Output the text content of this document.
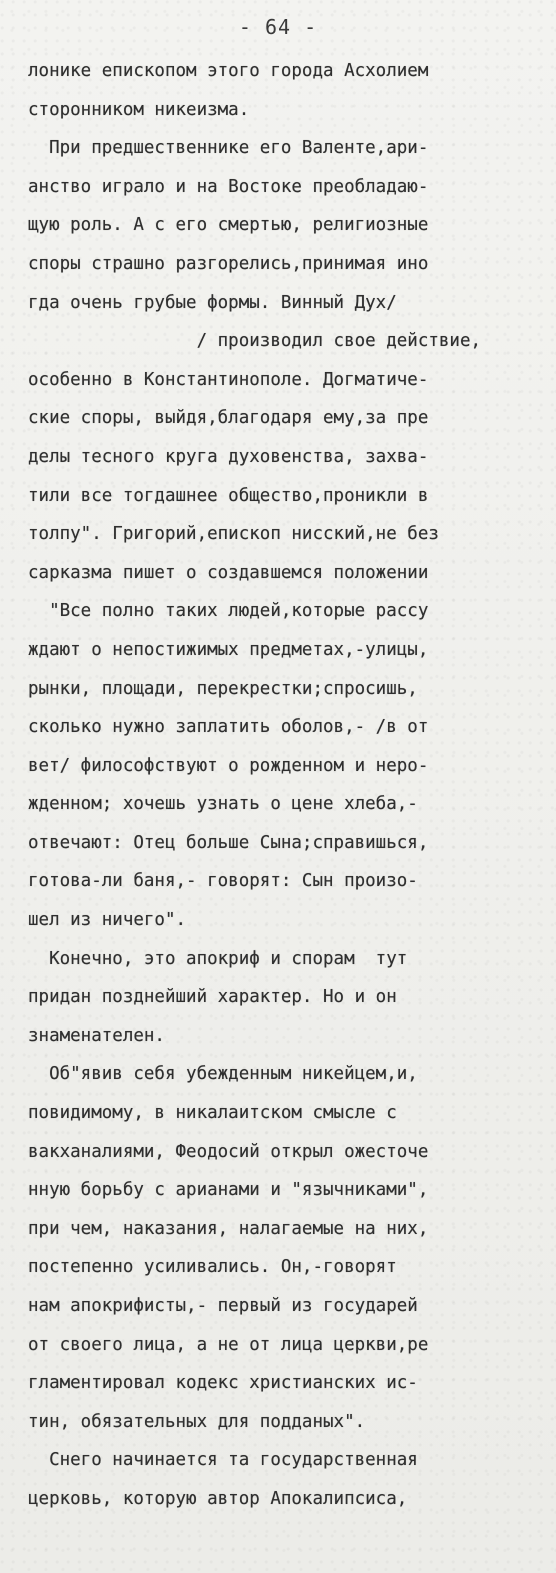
- 64 -
лонике епископом этого города Асхолием
сторонником никеизма.
При предшественнике его Валенте,ари-
анство играло и на Востоке преобладаю-
щую роль. А с его смертью, религиозные
споры страшно разгорелись,принимая ино
гда очень грубые формы. Винный Дух/
/ производил свое действие,
особенно в Константинополе. Догматиче-
ские споры, выйдя,благодаря ему,за пре
делы тесного круга духовенства, захва-
тили все тогдашнее общество,проникли в
толпу". Григорий,епископ нисский,не без
сарказма пишет о создавшемся положении
"Все полно таких людей,которые рассу
ждают о непостижимых предметах,-улицы,
рынки, площади, перекрестки;спросишь,
сколько нужно заплатить оболов,- /в от
вет/ философствуют о рожденном и неро-
жденном; хочешь узнать о цене хлеба,-
отвечают: Отец больше Сына;справишься,
готова-ли баня,- говорят: Сын произо-
шел из ничего".
Конечно, это апокриф и спорам  тут
придан позднейший характер. Но и он
знаменателен.
Об"явив себя убежденным никейцем,и,
повидимому, в никалаитском смысле с
вакханалиями, Феодосий открыл ожесточе
нную борьбу с арианами и "язычниками",
при чем, наказания, налагаемые на них,
постепенно усиливались. Он,-говорят
нам апокрифисты,- первый из государей
от своего лица, а не от лица церкви,ре
гламентировал кодекс христианских ис-
тин, обязательных для подданых".
Снего начинается та государственная
церковь, которую автор Апокалипсиса,
